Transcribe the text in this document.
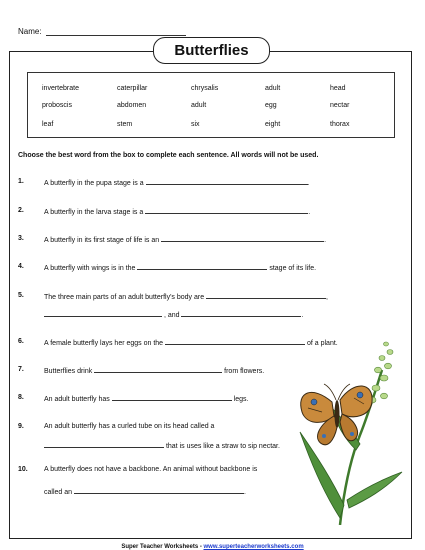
Name:
Butterflies
invertebrate	caterpillar	chrysalis	adult	head
proboscis	abdomen	adult	egg	nectar
leaf	stem	six	eight	thorax
Choose the best word from the box to complete each sentence. All words will not be used.
1.	A butterfly in the pupa stage is a	.
2.	A butterfly in the larva stage is a	.
3.	A butterfly in its first stage of life is an	.
4.	A butterfly with wings is in the	stage of its life.
5.	The three main parts of an adult butterfly's body are	,
, and	.
6.	A female butterfly lays her eggs on the	of a plant.
7.	Butterflies drink	from flowers.
8.	An adult butterfly has	legs.
9.	An adult butterfly has a curled tube on its head called a
that is uses like a straw to sip nectar.
10. A butterfly does not have a backbone. An animal without backbone is
called an	.
Super Teacher Worksheets - www.superteacherworksheets.com
